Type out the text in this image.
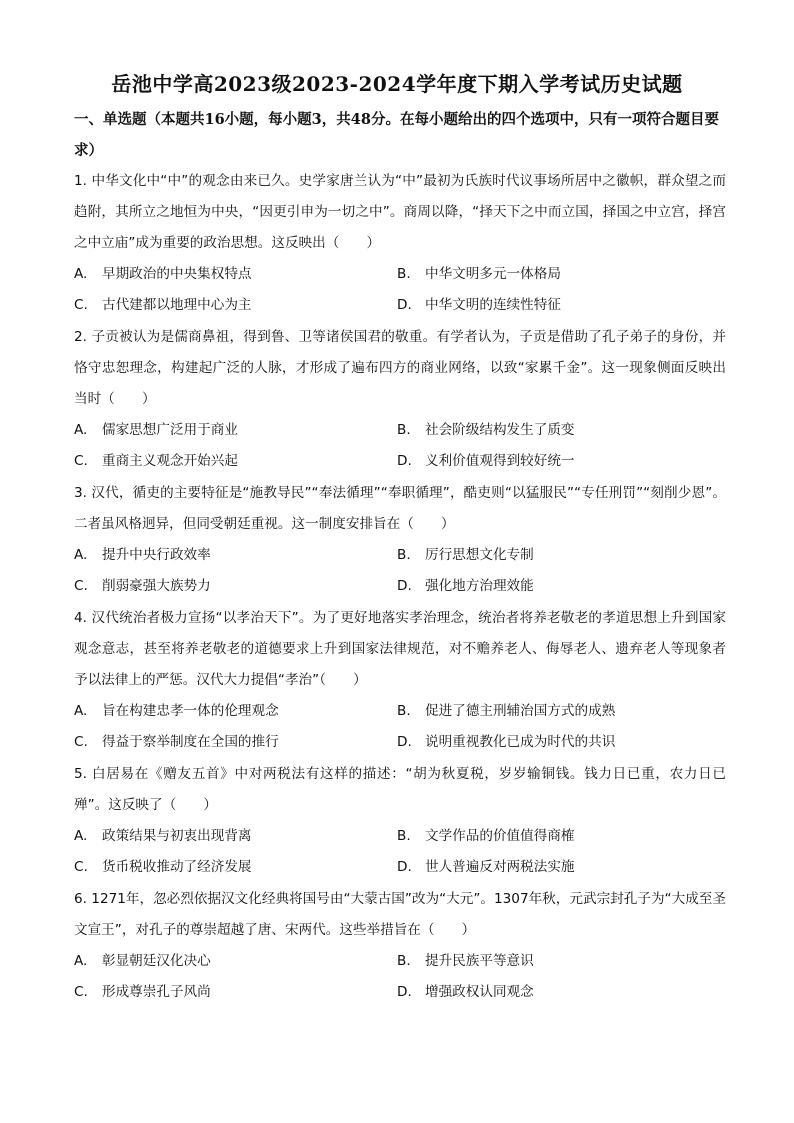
岳池中学高2023级2023-2024学年度下期入学考试历史试题
一、单选题（本题共16小题，每小题3，共48分。在每小题给出的四个选项中，只有一项符合题目要求）
1. 中华文化中“中”的观念由来已久。史学家唐兰认为“中”最初为氏族时代议事场所居中之徽帜，群众望之而趋附，其所立之地恒为中央，“因更引申为一切之中”。商周以降，“择天下之中而立国，择国之中立宫，择宫之中立庙”成为重要的政治思想。这反映出（　　）
A. 早期政治的中央集权特点	B. 中华文明多元一体格局
C. 古代建都以地理中心为主	D. 中华文明的连续性特征
2. 子贡被认为是儒商鼻祖，得到鲁、卫等诸侯国君的敬重。有学者认为，子贡是借助了孔子弟子的身份，并恪守忠恕理念，构建起广泛的人脉，才形成了遍布四方的商业网络，以致“家累千金”。这一现象侧面反映出当时（　　）
A. 儒家思想广泛用于商业	B. 社会阶级结构发生了质变
C. 重商主义观念开始兴起	D. 义利价值观得到较好统一
3. 汉代，循吏的主要特征是“施教导民”“奉法循理”“奉职循理”，酷吏则“以猛服民”“专任刑罚”“刻削少恩”。二者虽风格迥异，但同受朝廷重视。这一制度安排旨在（　　）
A. 提升中央行政效率	B. 厉行思想文化专制
C. 削弱豪强大族势力	D. 强化地方治理效能
4. 汉代统治者极力宣扬“以孝治天下”。为了更好地落实孝治理念，统治者将养老敬老的孝道思想上升到国家观念意志，甚至将养老敬老的道德要求上升到国家法律规范，对不赡养老人、侮辱老人、遗弃老人等现象者予以法律上的严惩。汉代大力提倡“孝治”（　　）
A. 旨在构建忠孝一体的伦理观念	B. 促进了德主刑辅治国方式的成熟
C. 得益于察举制度在全国的推行	D. 说明重视教化已成为时代的共识
5. 白居易在《赠友五首》中对两税法有这样的描述：“胡为秋夏税，岁岁输铜钱。钱力日已重，农力日已殚”。这反映了（　　）
A. 政策结果与初衷出现背离	B. 文学作品的价值值得商榷
C. 货币税收推动了经济发展	D. 世人普遍反对两税法实施
6. 1271年，忽必烈依据汉文化经典将国号由“大蒙古国”改为“大元”。1307年秋，元武宗封孔子为“大成至圣文宣王”，对孔子的尊崇超越了唐、宋两代。这些举措旨在（　　）
A. 彰显朝廷汉化决心	B. 提升民族平等意识
C. 形成尊崇孔子风尚	D. 增强政权认同观念
